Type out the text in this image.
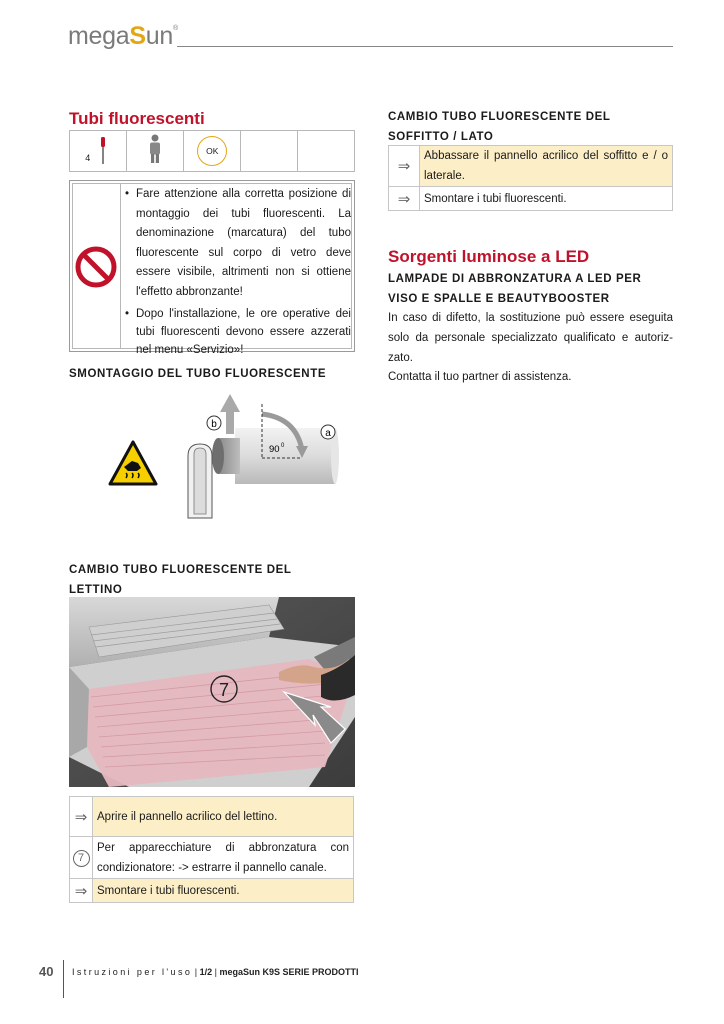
megaSun®
Tubi fluorescenti
$_4$		OK		
• Fare attenzione alla corretta posizione di montaggio dei tubi fluorescenti. La denominazione (marcatura) del tubo fluorescente sul corpo di vetro deve essere visibile, altrimenti non si ottiene l'effetto abbronzante!
• Dopo l'installazione, le ore operative dei tubi fluorescenti devono essere azzerati nel menu «Servizio»!
SMONTAGGIO DEL TUBO FLUORESCENTE
b
a
90 0
CAMBIO TUBO FLUORESCENTE DEL
LETTINO
7
⇒	Aprire il pannello acrilico del lettino.
7	Per apparecchiature di abbronzatura con condizionatore: -> estrarre il pannello canale.
⇒	Smontare i tubi fluorescenti.
CAMBIO TUBO FLUORESCENTE DEL
SOFFITTO / LATO
⇒	Abbassare il pannello acrilico del soffitto e / o laterale.
⇒	Smontare i tubi fluorescenti.
Sorgenti luminose a LED
LAMPADE DI ABBRONZATURA A LED PER
VISO E SPALLE E BEAUTYBOOSTER
In caso di difetto, la sostituzione può essere eseguita solo da personale specializzato qualificato e autoriz-zato.
Contatta il tuo partner di assistenza.
40 Istruzioni per l'uso | 1/2 | megaSun K9S SERIE PRODOTTI
